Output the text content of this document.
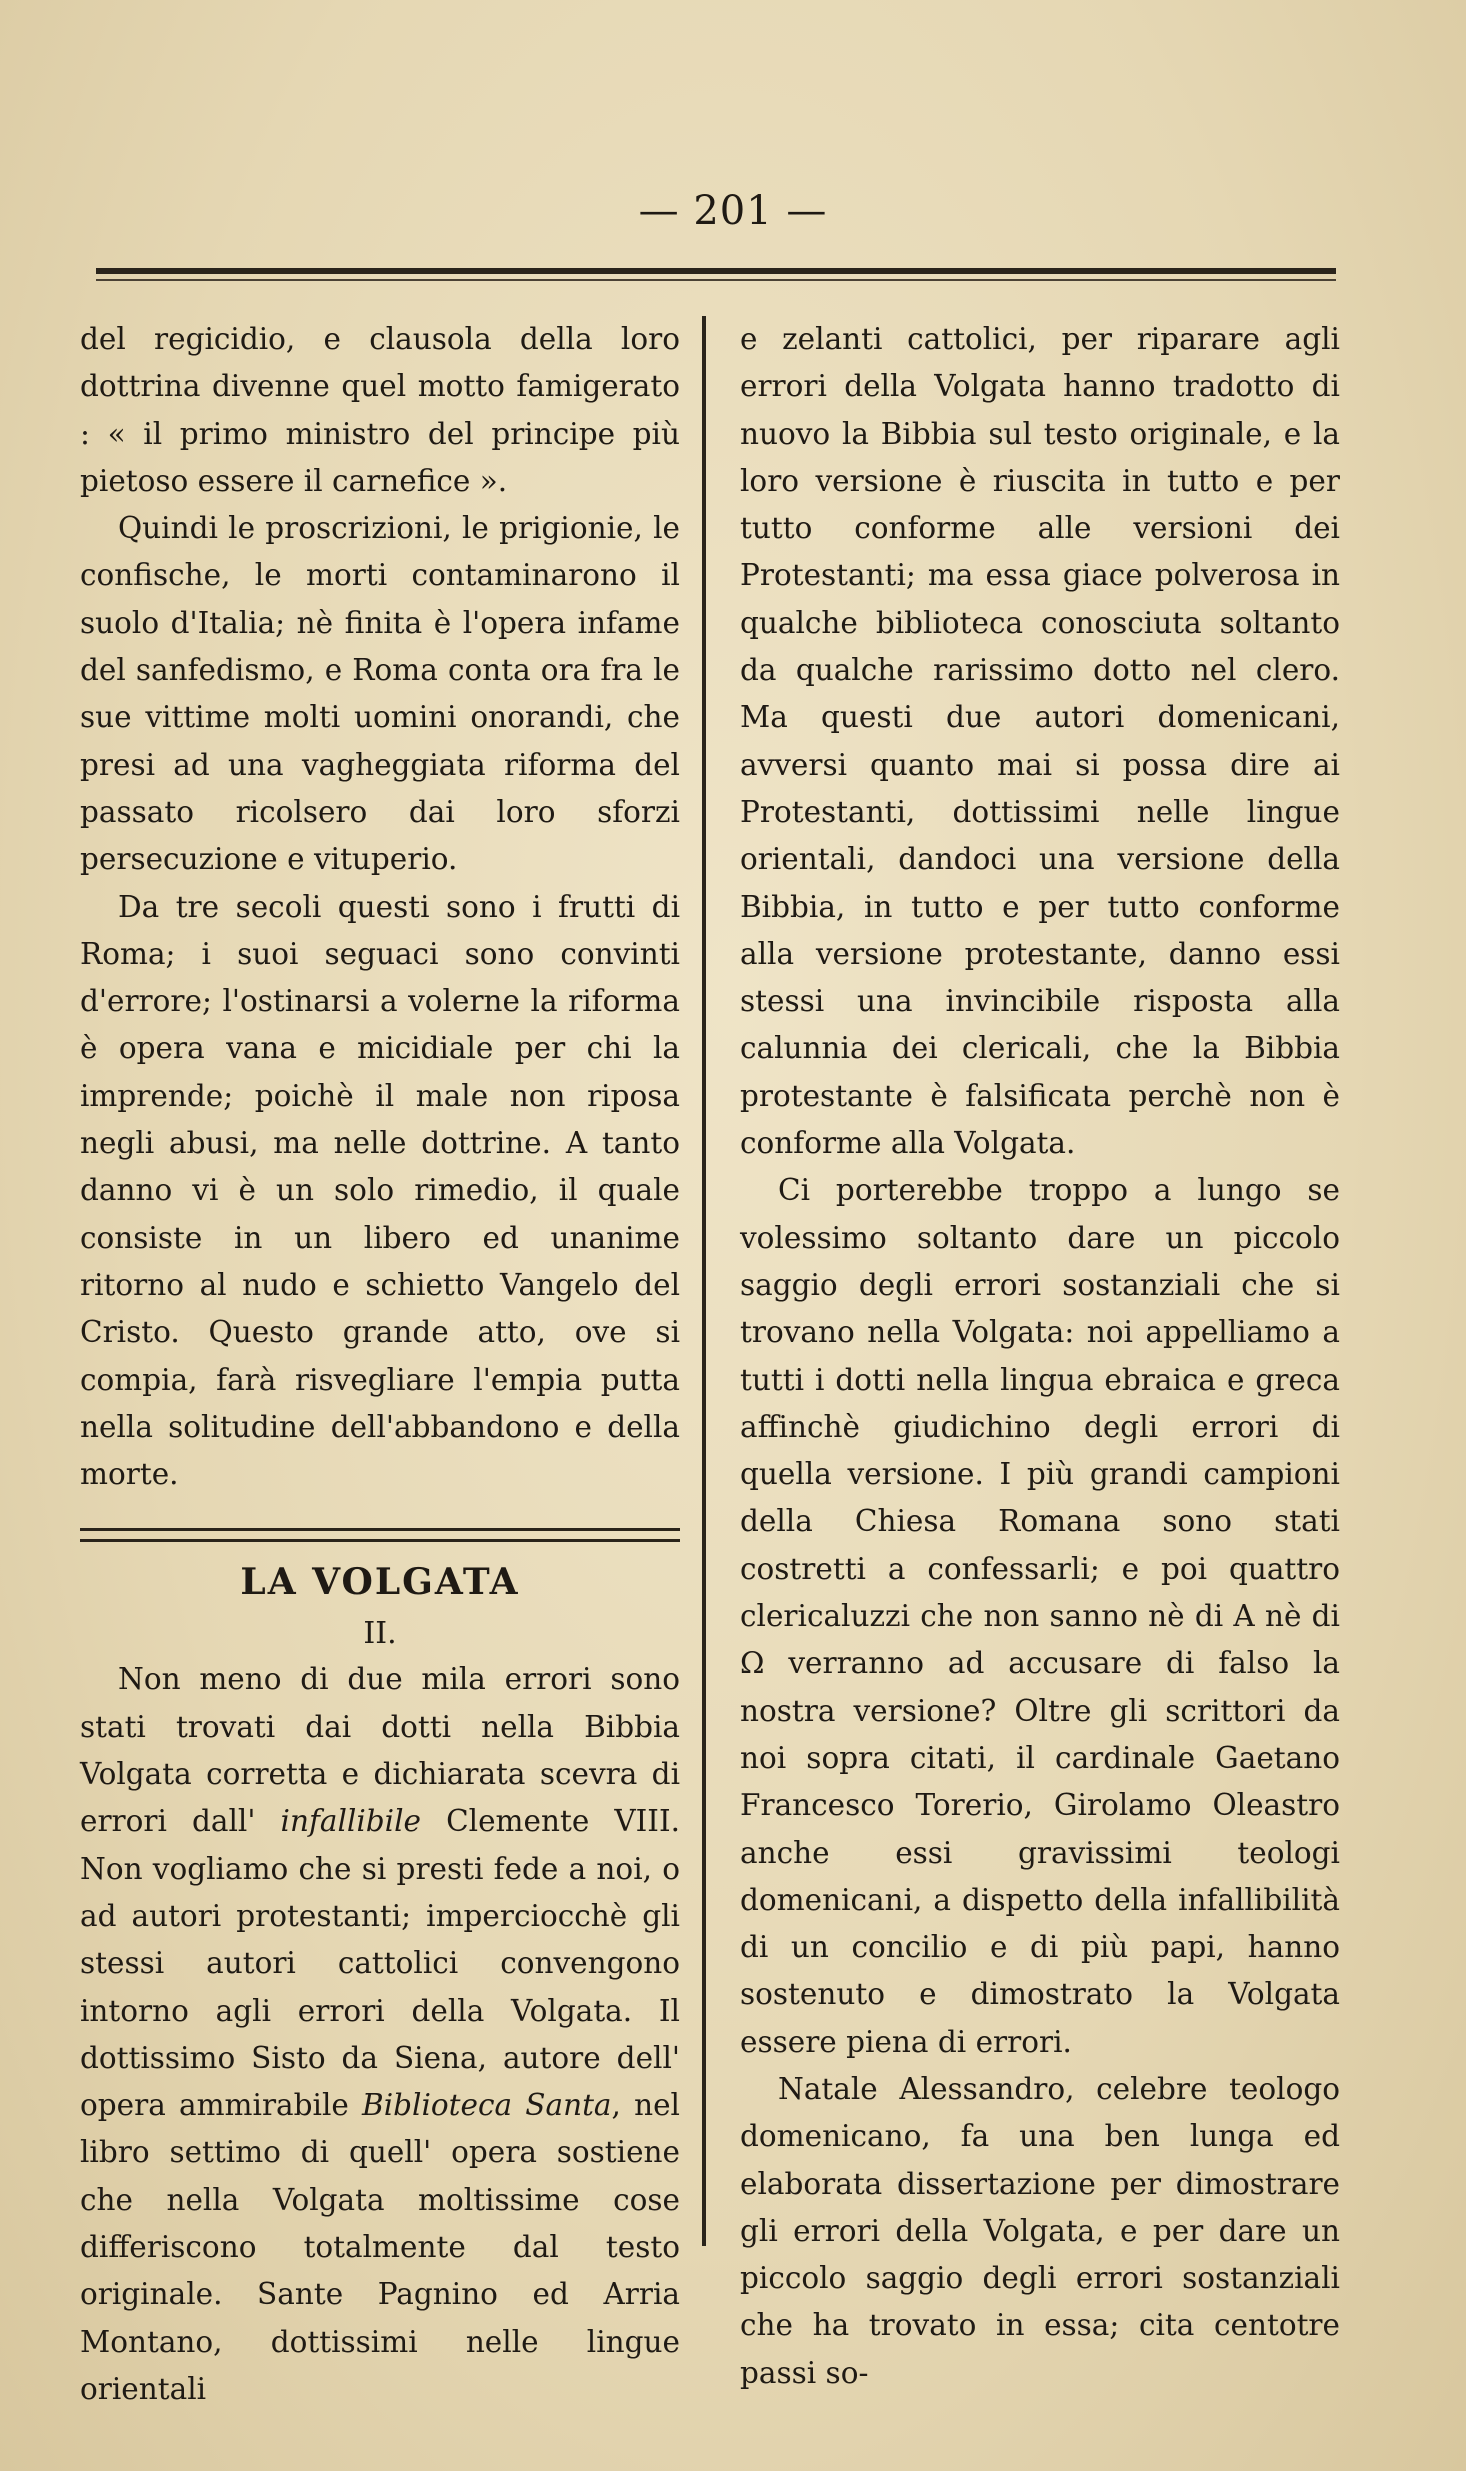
— 201 —

del regicidio, e clausola della loro dottrina divenne quel motto famigerato : « il primo ministro del principe più pietoso essere il carnefice ».

Quindi le proscrizioni, le prigionie, le confische, le morti contaminarono il suolo d'Italia; nè finita è l'opera infame del sanfedismo, e Roma conta ora fra le sue vittime molti uomini onorandi, che presi ad una vagheggiata riforma del passato ricolsero dai loro sforzi persecuzione e vituperio.

Da tre secoli questi sono i frutti di Roma; i suoi seguaci sono convinti d'errore; l'ostinarsi a volerne la riforma è opera vana e micidiale per chi la imprende; poichè il male non riposa negli abusi, ma nelle dottrine. A tanto danno vi è un solo rimedio, il quale consiste in un libero ed unanime ritorno al nudo e schietto Vangelo del Cristo. Questo grande atto, ove si compia, farà risvegliare l'empia putta nella solitudine dell'abbandono e della morte.

LA VOLGATA
II.

Non meno di due mila errori sono stati trovati dai dotti nella Bibbia Volgata corretta e dichiarata scevra di errori dall' infallibile Clemente VIII. Non vogliamo che si presti fede a noi, o ad autori protestanti; imperciocchè gli stessi autori cattolici convengono intorno agli errori della Volgata. Il dottissimo Sisto da Siena, autore dell' opera ammirabile Biblioteca Santa, nel libro settimo di quell' opera sostiene che nella Volgata moltissime cose differiscono totalmente dal testo originale. Sante Pagnino ed Arria Montano, dottissimi nelle lingue orientali

e zelanti cattolici, per riparare agli errori della Volgata hanno tradotto di nuovo la Bibbia sul testo originale, e la loro versione è riuscita in tutto e per tutto conforme alle versioni dei Protestanti; ma essa giace polverosa in qualche biblioteca conosciuta soltanto da qualche rarissimo dotto nel clero. Ma questi due autori domenicani, avversi quanto mai si possa dire ai Protestanti, dottissimi nelle lingue orientali, dandoci una versione della Bibbia, in tutto e per tutto conforme alla versione protestante, danno essi stessi una invincibile risposta alla calunnia dei clericali, che la Bibbia protestante è falsificata perchè non è conforme alla Volgata.

Ci porterebbe troppo a lungo se volessimo soltanto dare un piccolo saggio degli errori sostanziali che si trovano nella Volgata: noi appelliamo a tutti i dotti nella lingua ebraica e greca affinchè giudichino degli errori di quella versione. I più grandi campioni della Chiesa Romana sono stati costretti a confessarli; e poi quattro clericaluzzi che non sanno nè di A nè di Ω verranno ad accusare di falso la nostra versione? Oltre gli scrittori da noi sopra citati, il cardinale Gaetano Francesco Torerio, Girolamo Oleastro anche essi gravissimi teologi domenicani, a dispetto della infallibilità di un concilio e di più papi, hanno sostenuto e dimostrato la Volgata essere piena di errori.

Natale Alessandro, celebre teologo domenicano, fa una ben lunga ed elaborata dissertazione per dimostrare gli errori della Volgata, e per dare un piccolo saggio degli errori sostanziali che ha trovato in essa; cita centotre passi so-
